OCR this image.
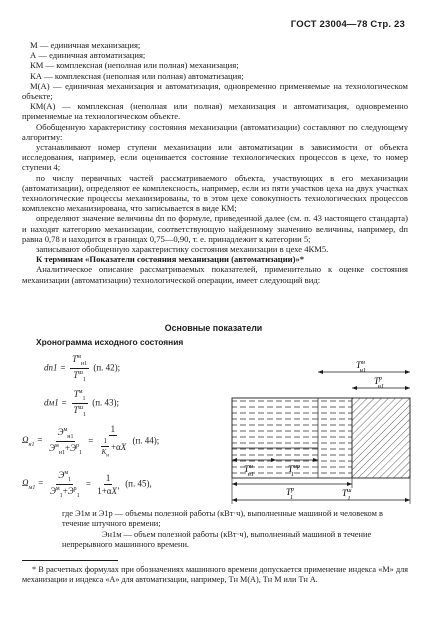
ГОСТ 23004—78 Стр. 23

М — единичная механизация;

А — единичная автоматизация;

КМ — комплексная (неполная или полная) механизация;

КА — комплексная (неполная или полная) автоматизация;

М(А) — единичная механизация и автоматизация, одновременно применяемые на технологическом объекте;

КМ(А) — комплексная (неполная или полная) механизация и автоматизация, одновременно применяемые на технологическом объекте.

Обобщенную характеристику состояния механизации (автоматизации) составляют по следующему алгоритму:

устанавливают номер ступени механизации или автоматизации в зависимости от объекта исследования, например, если оценивается состояние технологических процессов в цехе, то номер ступени 4;

по числу первичных частей рассматриваемого объекта, участвующих в его механизации (автоматизации), определяют ее комплексность, например, если из пяти участков цеха на двух участках технологические процессы механизированы, то в этом цехе совокупность технологических процессов комплексно механизирована, что записывается в виде КМ;

определяют значение величины dп по формуле, приведенной далее (см. п. 43 настоящего стандарта) и находят категорию механизации, соответствующую найденному значению величины, например, dп равна 0,78 и находится в границах 0,75—0,90, т. е. принадлежит к категории 5;

записывают обобщенную характеристику состояния механизации в цехе 4КМ5.

К терминам «Показатели состояния механизации (автоматизации)»*

Аналитическое описание рассматриваемых показателей, применительно к оценке состояния механизации (автоматизации) технологической операции, имеет следующий вид:

Основные показатели
Хронограмма исходного состояния
$dп1 = \frac{T^м_{н1}}{T^ш_1} (п$. 42);
$dм1 = \frac{T^м_1}{T^ш_1} (п$. 43);
$\Omega_{н1} = \frac{Э^м_{н1}}{Э^м_{н1}+Э^р_1} = \frac{1}{\frac{1}{K_н} +\alpha X} (п$. 44);
$\Omega_{м1} = \frac{Э^м_1}{Э^м_1+Э^р_1} = \frac{1}{1+\alpha X'} (п$. 45),
$T^м$ н1
$T^р$ н1
$T^м$ н1
$T^{мр}$ 1
$T^р$ 1	$T^ш$ 1

где Э1м и Э1р — объемы полезной работы (кВт·ч), выполненные машиной и человеком в течение штучного времени;

Эн1м — объем полезной работы (кВт·ч), выполненный машиной в течение непрерывного машинного времени.

* В расчетных формулах при обозначениях машинного времени допускается применение индекса «М» для механизации и индекса «А» для автоматизации, например, Tн М(А), Tн М или Tн А.
